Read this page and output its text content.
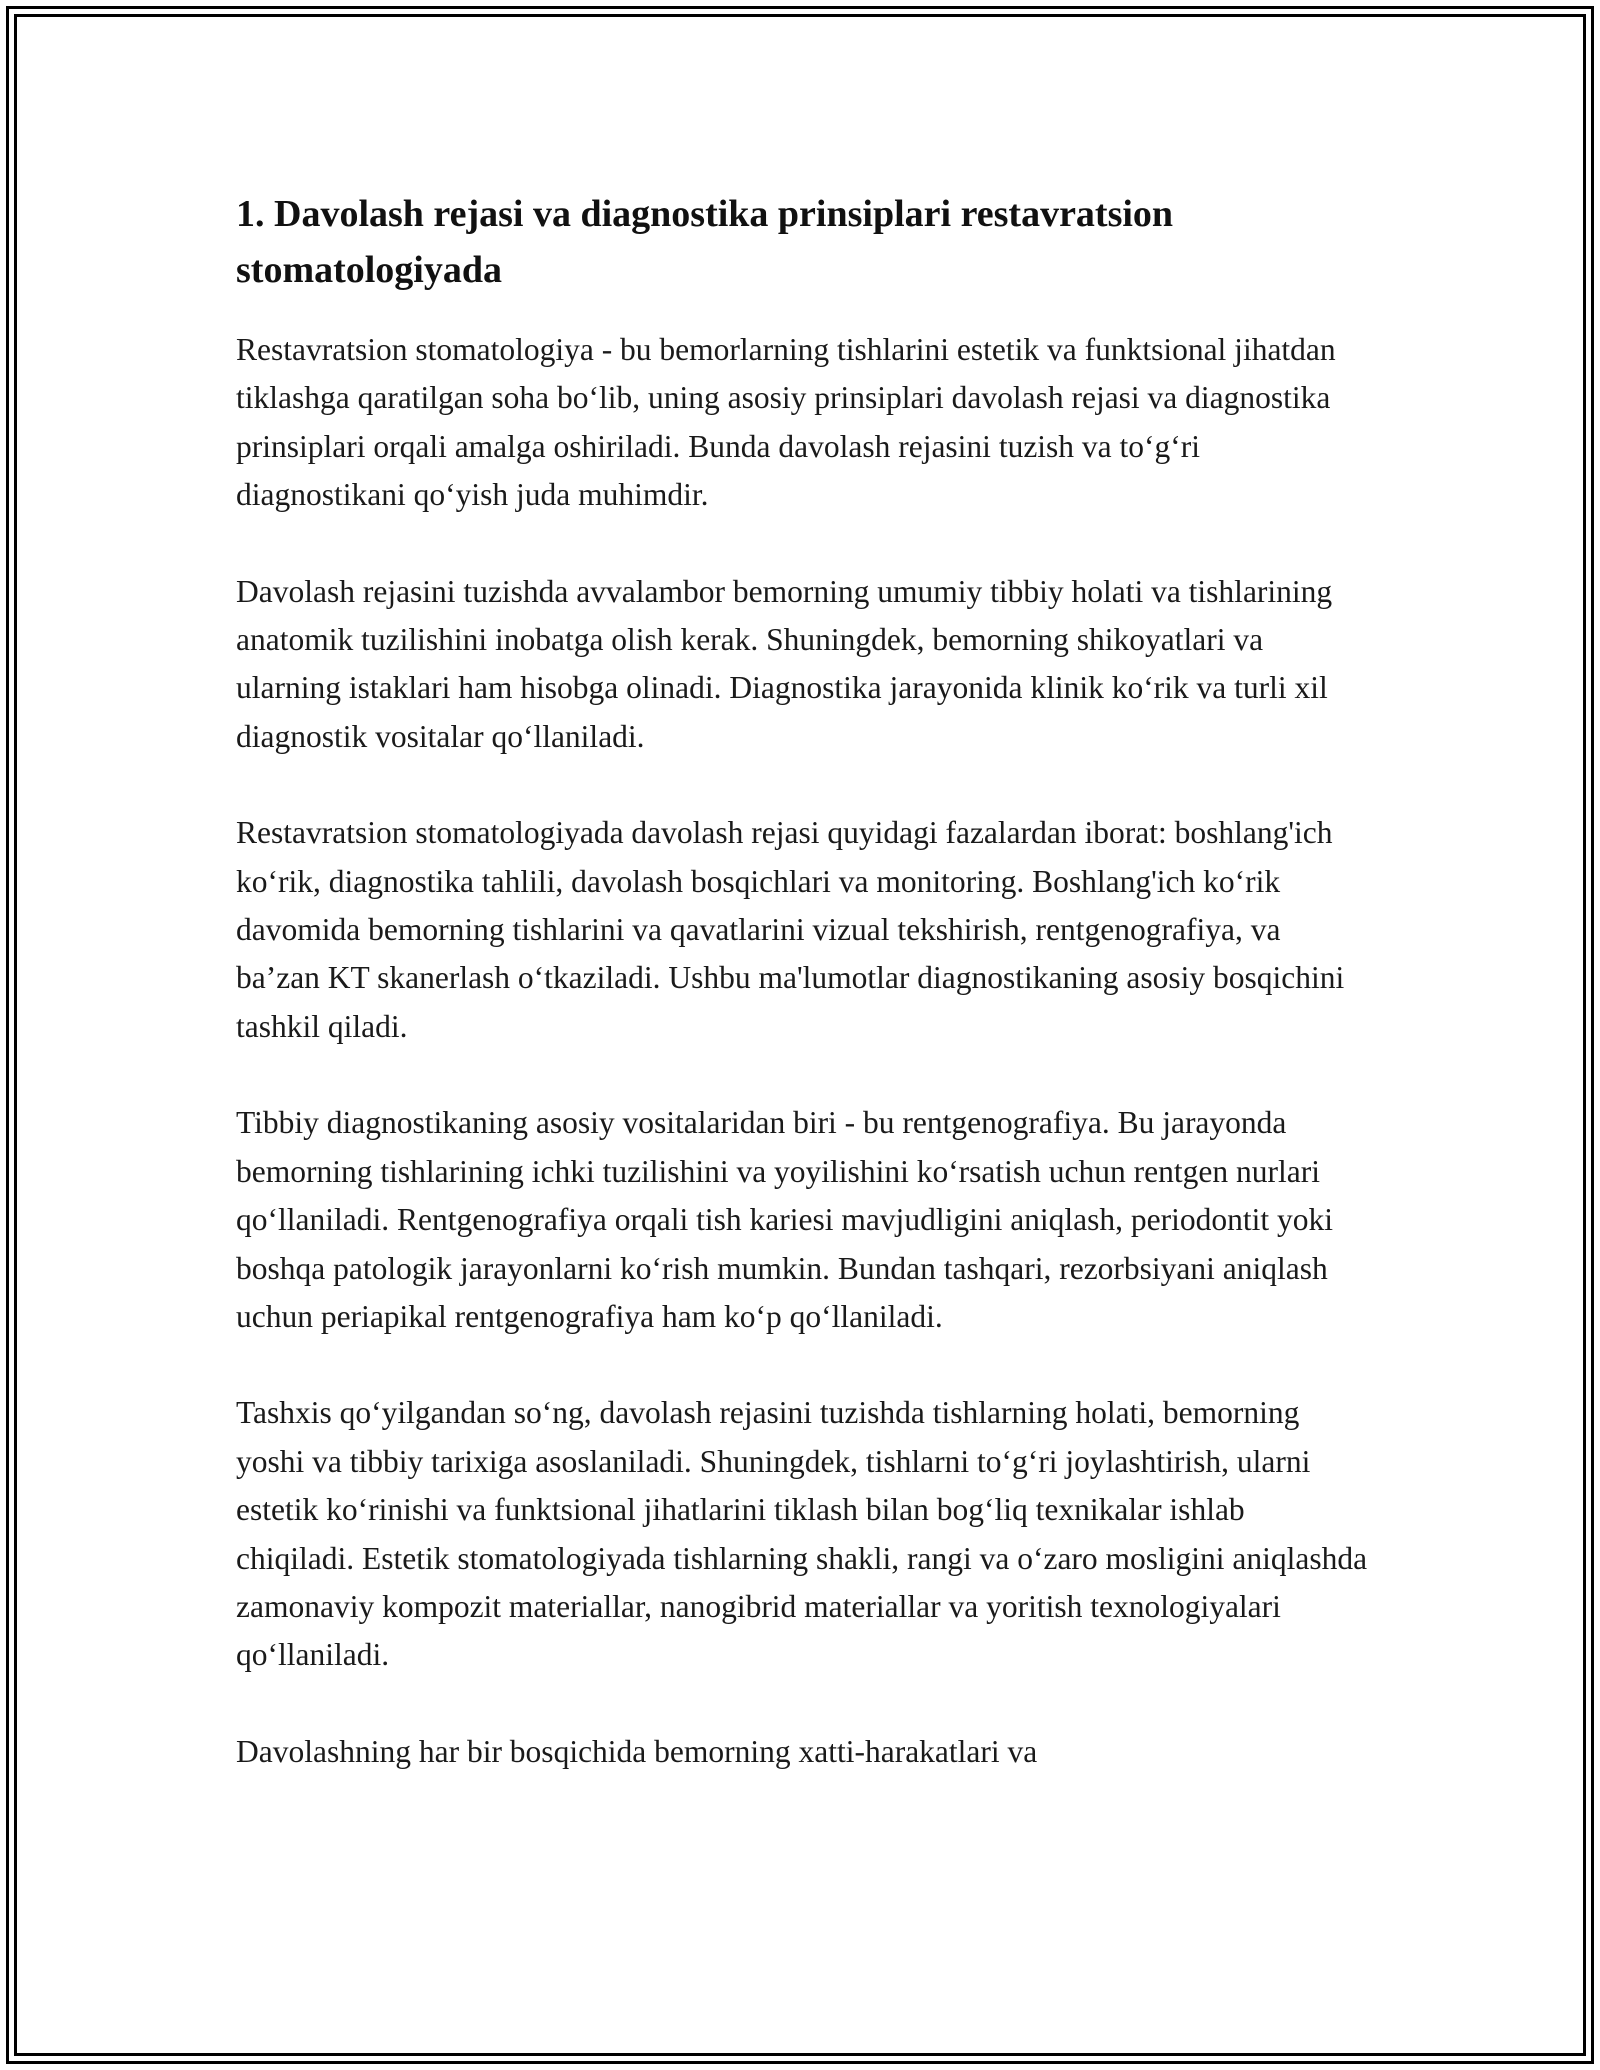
1. Davolash rejasi va diagnostika prinsiplari restavratsion stomatologiyada

Restavratsion stomatologiya - bu bemorlarning tishlarini estetik va funktsional jihatdan tiklashga qaratilgan soha bo‘lib, uning asosiy prinsiplari davolash rejasi va diagnostika prinsiplari orqali amalga oshiriladi. Bunda davolash rejasini tuzish va to‘g‘ri diagnostikani qo‘yish juda muhimdir.

Davolash rejasini tuzishda avvalambor bemorning umumiy tibbiy holati va tishlarining anatomik tuzilishini inobatga olish kerak. Shuningdek, bemorning shikoyatlari va ularning istaklari ham hisobga olinadi. Diagnostika jarayonida klinik ko‘rik va turli xil diagnostik vositalar qo‘llaniladi.

Restavratsion stomatologiyada davolash rejasi quyidagi fazalardan iborat: boshlang'ich ko‘rik, diagnostika tahlili, davolash bosqichlari va monitoring. Boshlang'ich ko‘rik davomida bemorning tishlarini va qavatlarini vizual tekshirish, rentgenografiya, va ba’zan KT skanerlash o‘tkaziladi. Ushbu ma'lumotlar diagnostikaning asosiy bosqichini tashkil qiladi.

Tibbiy diagnostikaning asosiy vositalaridan biri - bu rentgenografiya. Bu jarayonda bemorning tishlarining ichki tuzilishini va yoyilishini ko‘rsatish uchun rentgen nurlari qo‘llaniladi. Rentgenografiya orqali tish kariesi mavjudligini aniqlash, periodontit yoki boshqa patologik jarayonlarni ko‘rish mumkin. Bundan tashqari, rezorbsiyani aniqlash uchun periapikal rentgenografiya ham ko‘p qo‘llaniladi.

Tashxis qo‘yilgandan so‘ng, davolash rejasini tuzishda tishlarning holati, bemorning yoshi va tibbiy tarixiga asoslaniladi. Shuningdek, tishlarni to‘g‘ri joylashtirish, ularni estetik ko‘rinishi va funktsional jihatlarini tiklash bilan bog‘liq texnikalar ishlab chiqiladi. Estetik stomatologiyada tishlarning shakli, rangi va o‘zaro mosligini aniqlashda zamonaviy kompozit materiallar, nanogibrid materiallar va yoritish texnologiyalari qo‘llaniladi.

Davolashning har bir bosqichida bemorning xatti-harakatlari va
